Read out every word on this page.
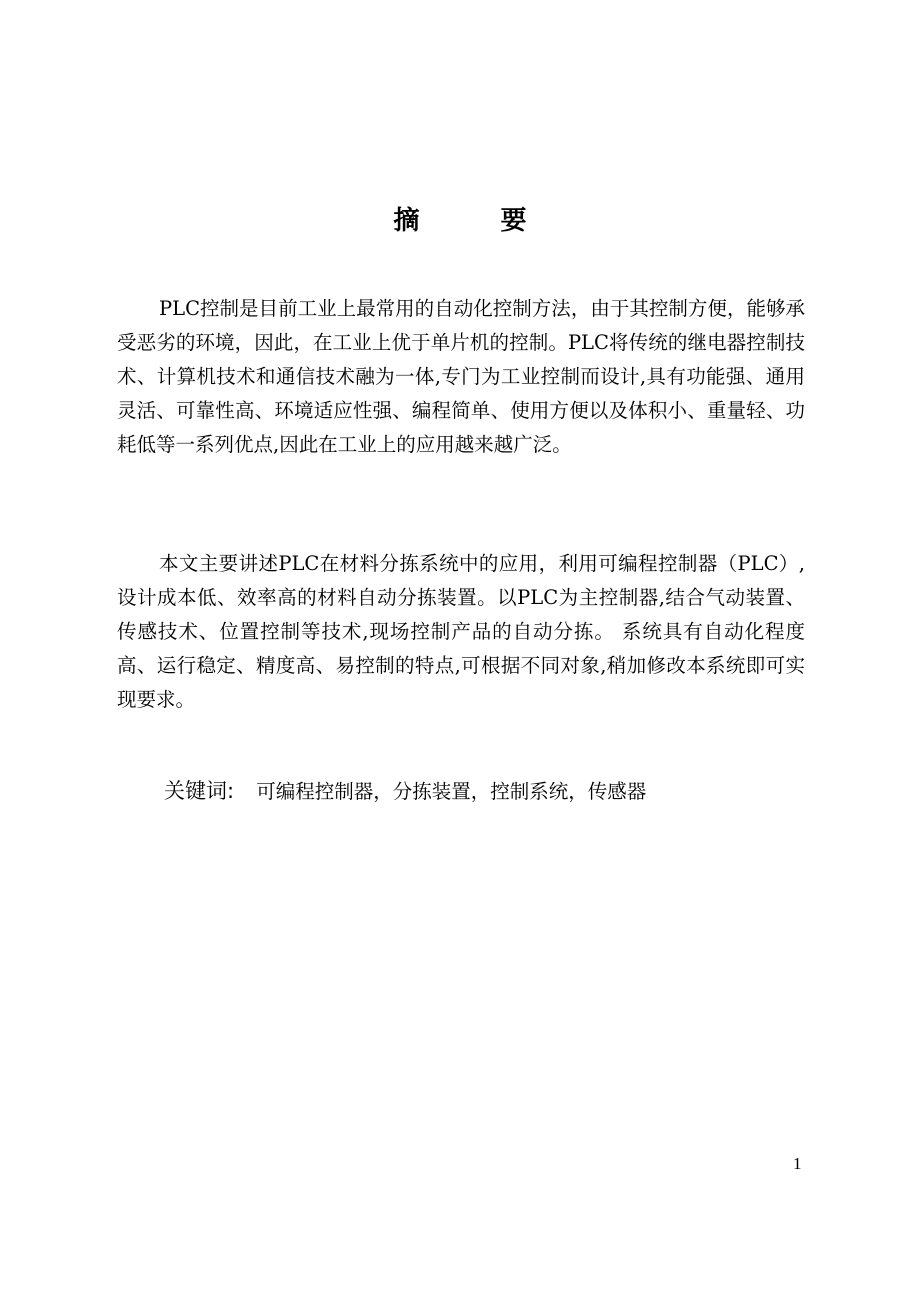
摘 要

PLC控制是目前工业上最常用的自动化控制方法，由于其控制方便，能够承受恶劣的环境，因此，在工业上优于单片机的控制。PLC将传统的继电器控制技术、计算机技术和通信技术融为一体,专门为工业控制而设计,具有功能强、通用灵活、可靠性高、环境适应性强、编程简单、使用方便以及体积小、重量轻、功耗低等一系列优点,因此在工业上的应用越来越广泛。

本文主要讲述PLC在材料分拣系统中的应用，利用可编程控制器（PLC）,设计成本低、效率高的材料自动分拣装置。以PLC为主控制器,结合气动装置、传感技术、位置控制等技术,现场控制产品的自动分拣。 系统具有自动化程度高、运行稳定、精度高、易控制的特点,可根据不同对象,稍加修改本系统即可实现要求。

关键词: 可编程控制器，分拣装置，控制系统，传感器
1
